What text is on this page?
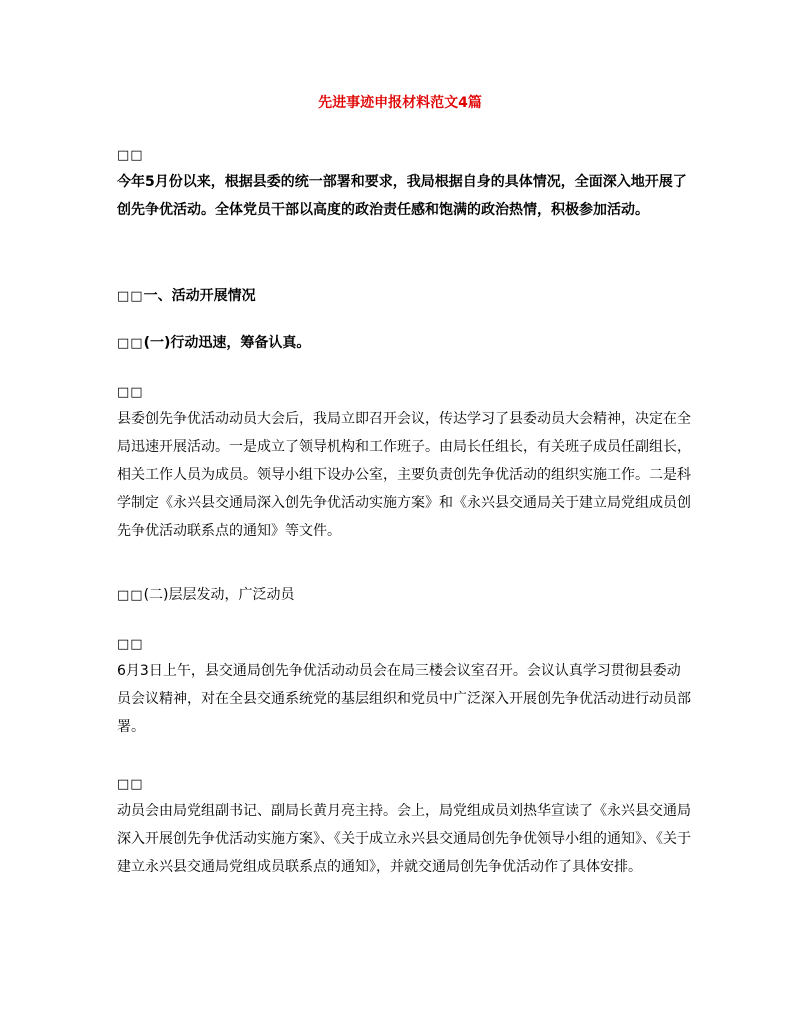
先进事迹申报材料范文4篇
□□
今年5月份以来，根据县委的统一部署和要求，我局根据自身的具体情况，全面深入地开展了创先争优活动。全体党员干部以高度的政治责任感和饱满的政治热情，积极参加活动。
□□一、活动开展情况
□□(一)行动迅速，筹备认真。
□□
县委创先争优活动动员大会后，我局立即召开会议，传达学习了县委动员大会精神，决定在全局迅速开展活动。一是成立了领导机构和工作班子。由局长任组长，有关班子成员任副组长，相关工作人员为成员。领导小组下设办公室，主要负责创先争优活动的组织实施工作。二是科学制定《永兴县交通局深入创先争优活动实施方案》和《永兴县交通局关于建立局党组成员创先争优活动联系点的通知》等文件。
□□(二)层层发动，广泛动员
□□
6月3日上午，县交通局创先争优活动动员会在局三楼会议室召开。会议认真学习贯彻县委动员会议精神，对在全县交通系统党的基层组织和党员中广泛深入开展创先争优活动进行动员部署。
□□
动员会由局党组副书记、副局长黄月亮主持。会上，局党组成员刘热华宣读了《永兴县交通局深入开展创先争优活动实施方案》、《关于成立永兴县交通局创先争优领导小组的通知》、《关于建立永兴县交通局党组成员联系点的通知》，并就交通局创先争优活动作了具体安排。
